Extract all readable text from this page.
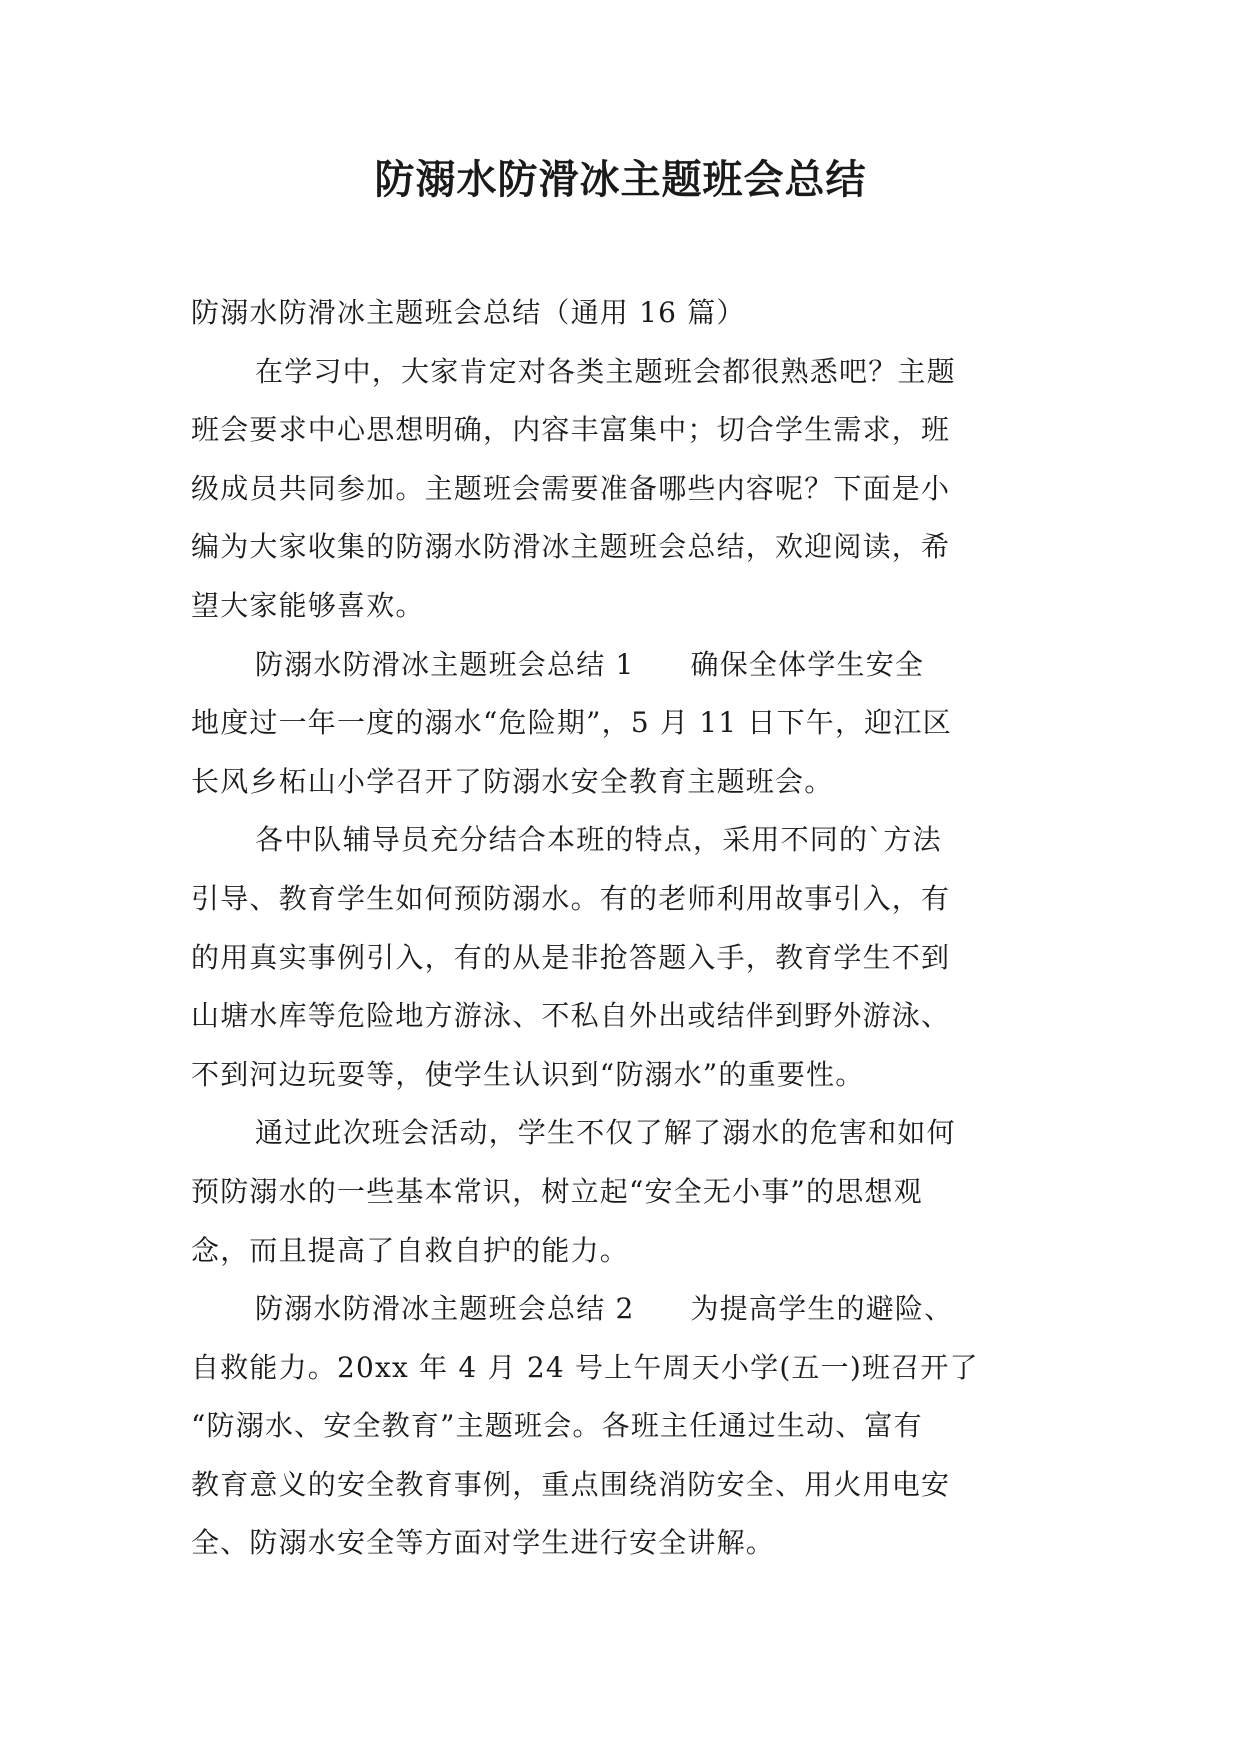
防溺水防滑冰主题班会总结
防溺水防滑冰主题班会总结（通用 16 篇）
在学习中，大家肯定对各类主题班会都很熟悉吧？主题
班会要求中心思想明确，内容丰富集中；切合学生需求，班
级成员共同参加。主题班会需要准备哪些内容呢？下面是小
编为大家收集的防溺水防滑冰主题班会总结，欢迎阅读，希
望大家能够喜欢。
防溺水防滑冰主题班会总结 1 确保全体学生安全
地度过一年一度的溺水“危险期”，5 月 11 日下午，迎江区
长风乡柘山小学召开了防溺水安全教育主题班会。
各中队辅导员充分结合本班的特点，采用不同的`方法
引导、教育学生如何预防溺水。有的老师利用故事引入，有
的用真实事例引入，有的从是非抢答题入手，教育学生不到
山塘水库等危险地方游泳、不私自外出或结伴到野外游泳、
不到河边玩耍等，使学生认识到“防溺水”的重要性。
通过此次班会活动，学生不仅了解了溺水的危害和如何
预防溺水的一些基本常识，树立起“安全无小事”的思想观
念，而且提高了自救自护的能力。
防溺水防滑冰主题班会总结 2 为提高学生的避险、
自救能力。20xx 年 4 月 24 号上午周天小学(五一)班召开了
“防溺水、安全教育”主题班会。各班主任通过生动、富有
教育意义的安全教育事例，重点围绕消防安全、用火用电安
全、防溺水安全等方面对学生进行安全讲解。
